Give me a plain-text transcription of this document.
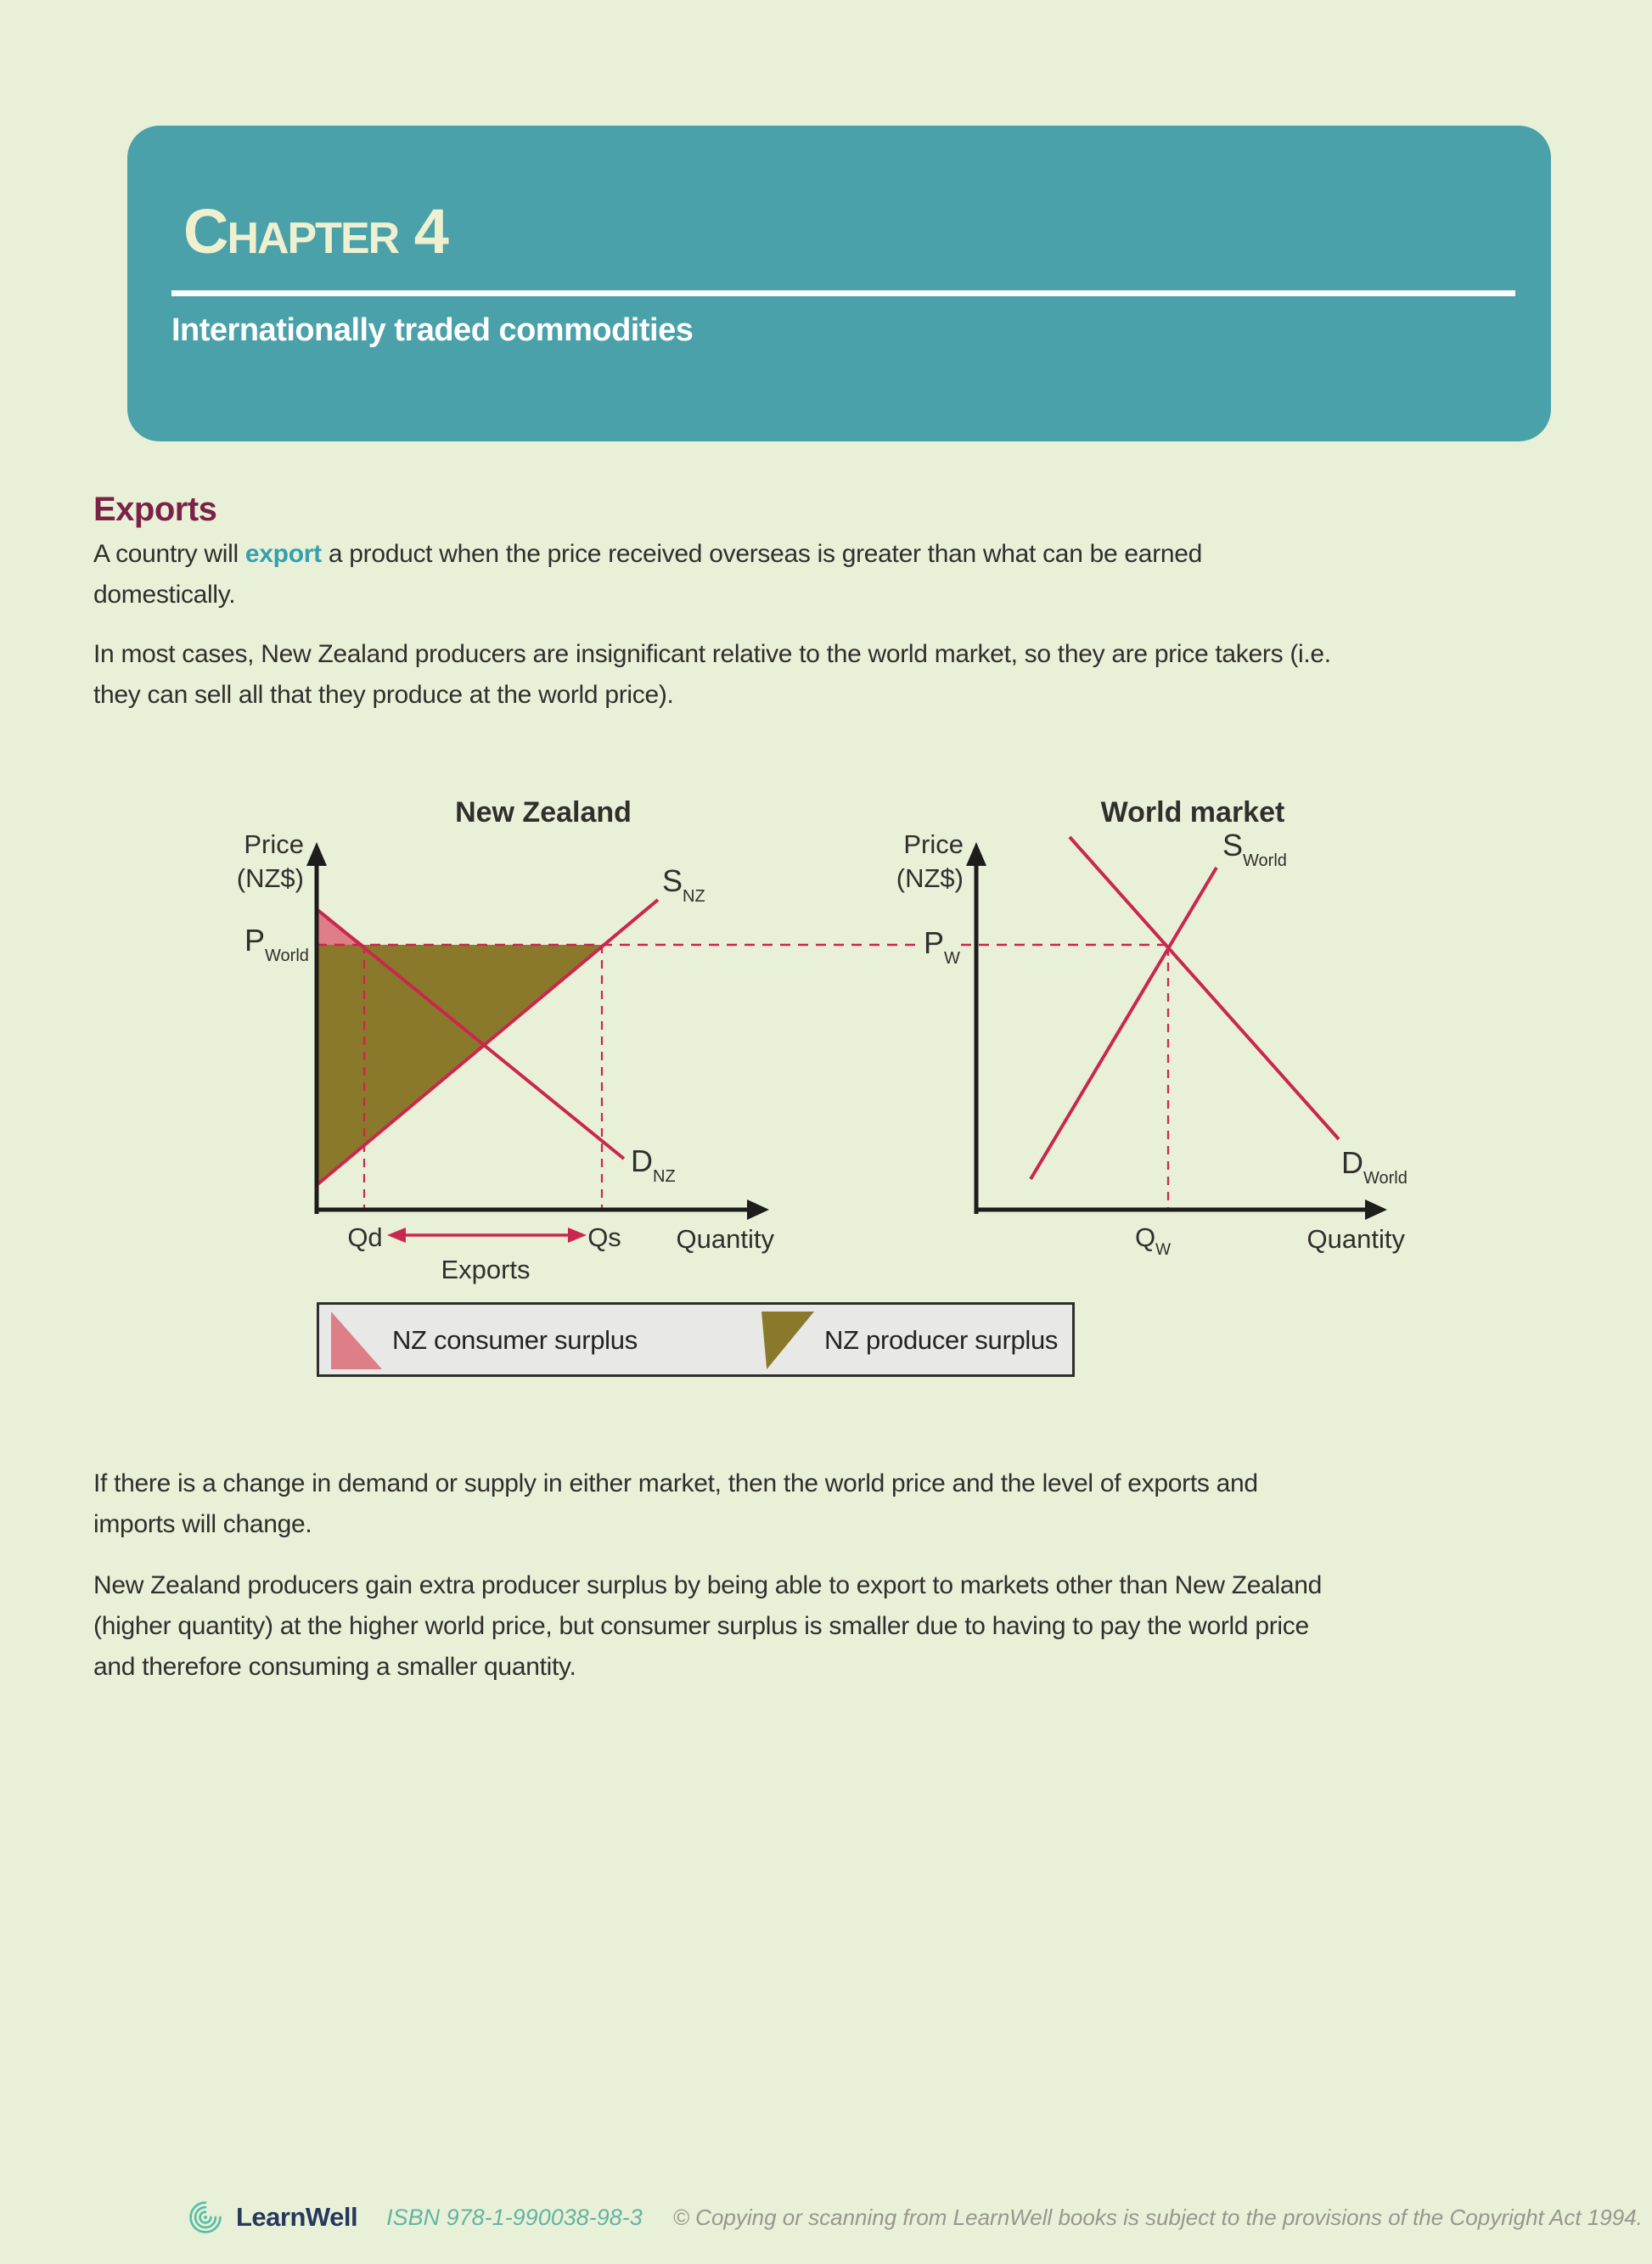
Chapter 4
Internationally traded commodities
Exports
A country will export a product when the price received overseas is greater than what can be earned
domestically.
In most cases, New Zealand producers are insignificant relative to the world market, so they are price takers (i.e.
they can sell all that they produce at the world price).
New Zealand
Price
(NZ$)	SNZ
DNZ
PWorld
Qd	Qs Quantity
Exports
World market
Price
(NZ$)
SWorld
DWorld
PW
QW	Quantity
NZ consumer surplus	NZ producer surplus
If there is a change in demand or supply in either market, then the world price and the level of exports and
imports will change.
New Zealand producers gain extra producer surplus by being able to export to markets other than New Zealand
(higher quantity) at the higher world price, but consumer surplus is smaller due to having to pay the world price
and therefore consuming a smaller quantity.
LearnWell ISBN 978-1-990038-98-3 © Copying or scanning from LearnWell books is subject to the provisions of the Copyright Act 1994.
